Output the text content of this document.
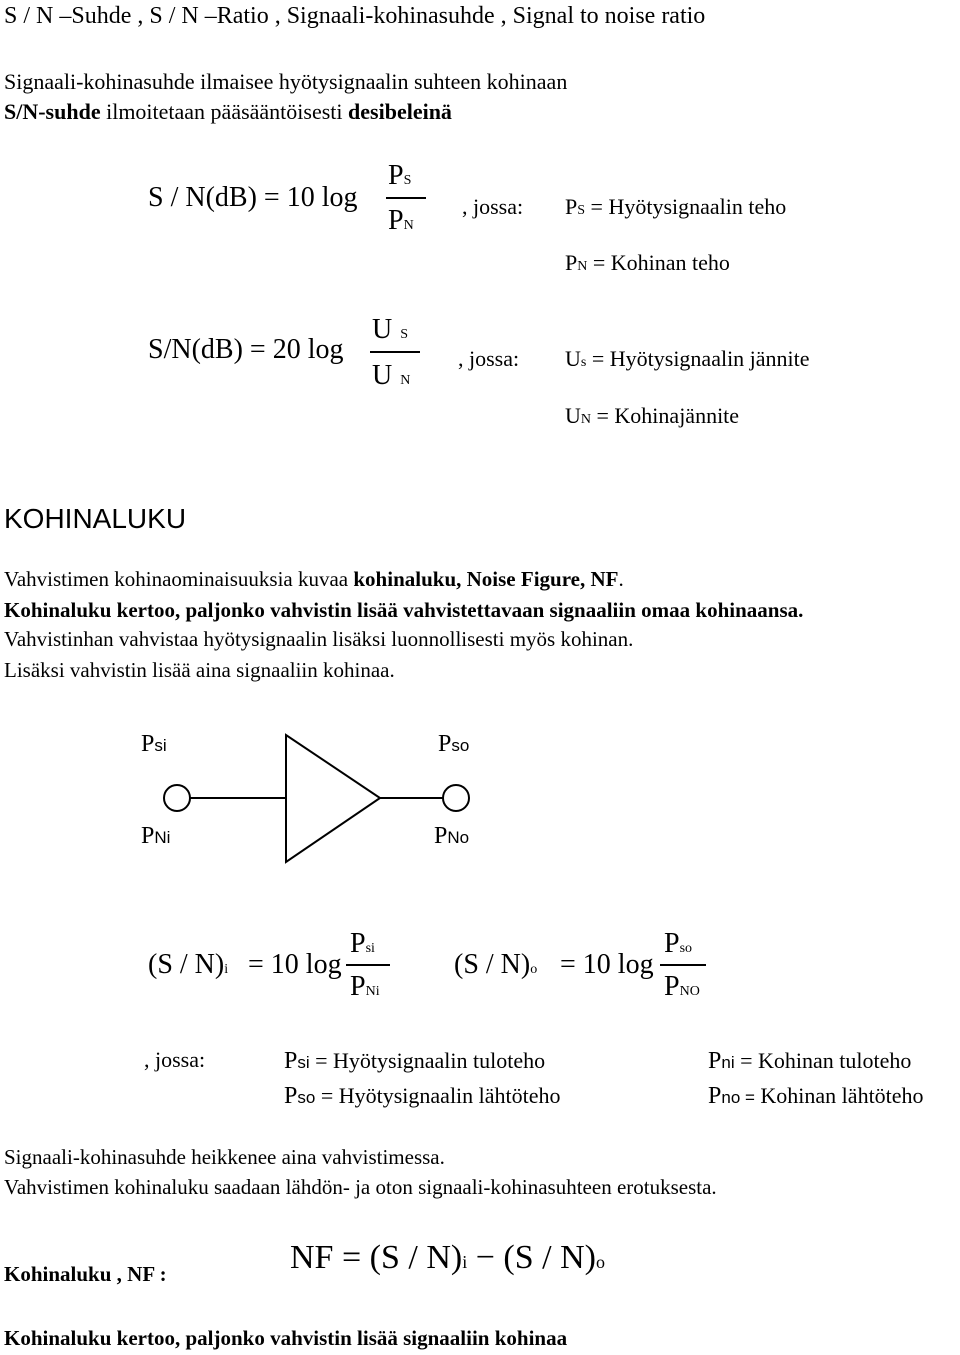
S / N –Suhde , S / N –Ratio , Signaali-kohinasuhde , Signal to noise ratio
Signaali-kohinasuhde ilmaisee hyötysignaalin suhteen kohinaan
S/N-suhde ilmoitetaan pääsääntöisesti desibeleinä
S / N(dB) = 10 log
PS
PN
, jossa: PS = Hyötysignaalin teho
PN = Kohinan teho
S/N(dB) = 20 log
U S
U N
, jossa: Us = Hyötysignaalin jännite
UN = Kohinajännite
KOHINALUKU
Vahvistimen kohinaominaisuuksia kuvaa kohinaluku, Noise Figure, NF.
Kohinaluku kertoo, paljonko vahvistin lisää vahvistettavaan signaaliin omaa kohinaansa.
Vahvistinhan vahvistaa hyötysignaalin lisäksi luonnollisesti myös kohinan.
Lisäksi vahvistin lisää aina signaaliin kohinaa.
Psi	Pso
PNi	PNo
(S / N)i = 10 log
Psi
PNi
(S / N)o = 10 log
Pso
PNO
, jossa:	Psi = Hyötysignaalin tuloteho	Pni = Kohinan tuloteho
Pso = Hyötysignaalin lähtöteho	Pno = Kohinan lähtöteho
Signaali-kohinasuhde heikkenee aina vahvistimessa.
Vahvistimen kohinaluku saadaan lähdön- ja oton signaali-kohinasuhteen erotuksesta.
Kohinaluku , NF :	NF = (S / N)i − (S / N)o
Kohinaluku kertoo, paljonko vahvistin lisää signaaliin kohinaa
